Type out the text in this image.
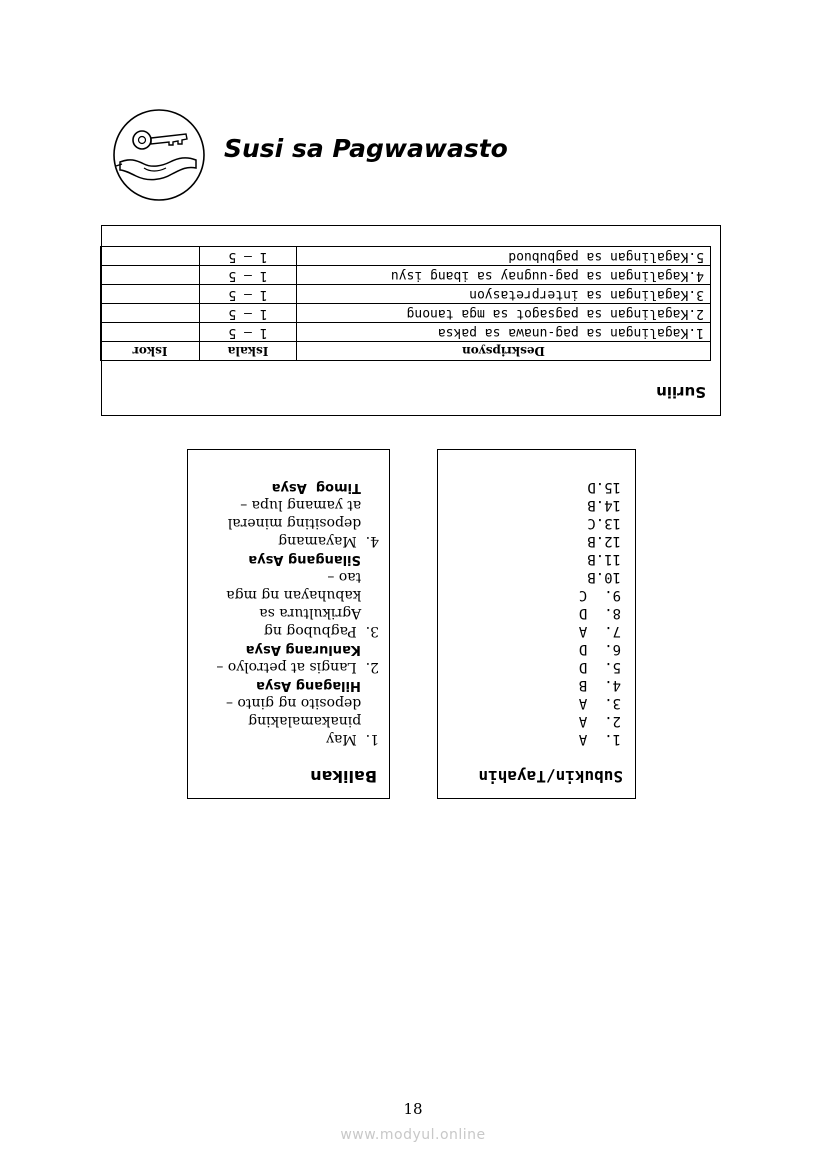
Susi sa Pagwawasto
Suriin
Deskripsyon	Iskala	Iskor
1.Kagalingan sa pag-unawa sa paksa	1 – 5	
2.Kagalingan sa pagsagot sa mga tanong	1 – 5	
3.Kagalingan sa interpretasyon	1 – 5	
4.Kagalingan sa pag-uugnay sa ibang isyu	1 – 5	
5.Kagalingan sa pagbubuod	1 – 5	
Balikan
1.  May
pinakamalaking
deposito ng ginto –
Hilagang Asya
2.  Langis at petrolyo –
Kanlurang Asya
3.  Pagbubog ng
Agrikultura sa
kabuhayan ng mga
tao –
Silangang Asya
4.  Mayamang
depositing mineral
at yamang lupa –
Timog  Asya
Subukin/Tayahin
1.  A
2.  A
3.  A
4.  B
5.  D
6.  D
7.  A
8.  D
9.  C
10.B
11.B
12.B
13.C
14.B
15.D
18
www.modyul.online
